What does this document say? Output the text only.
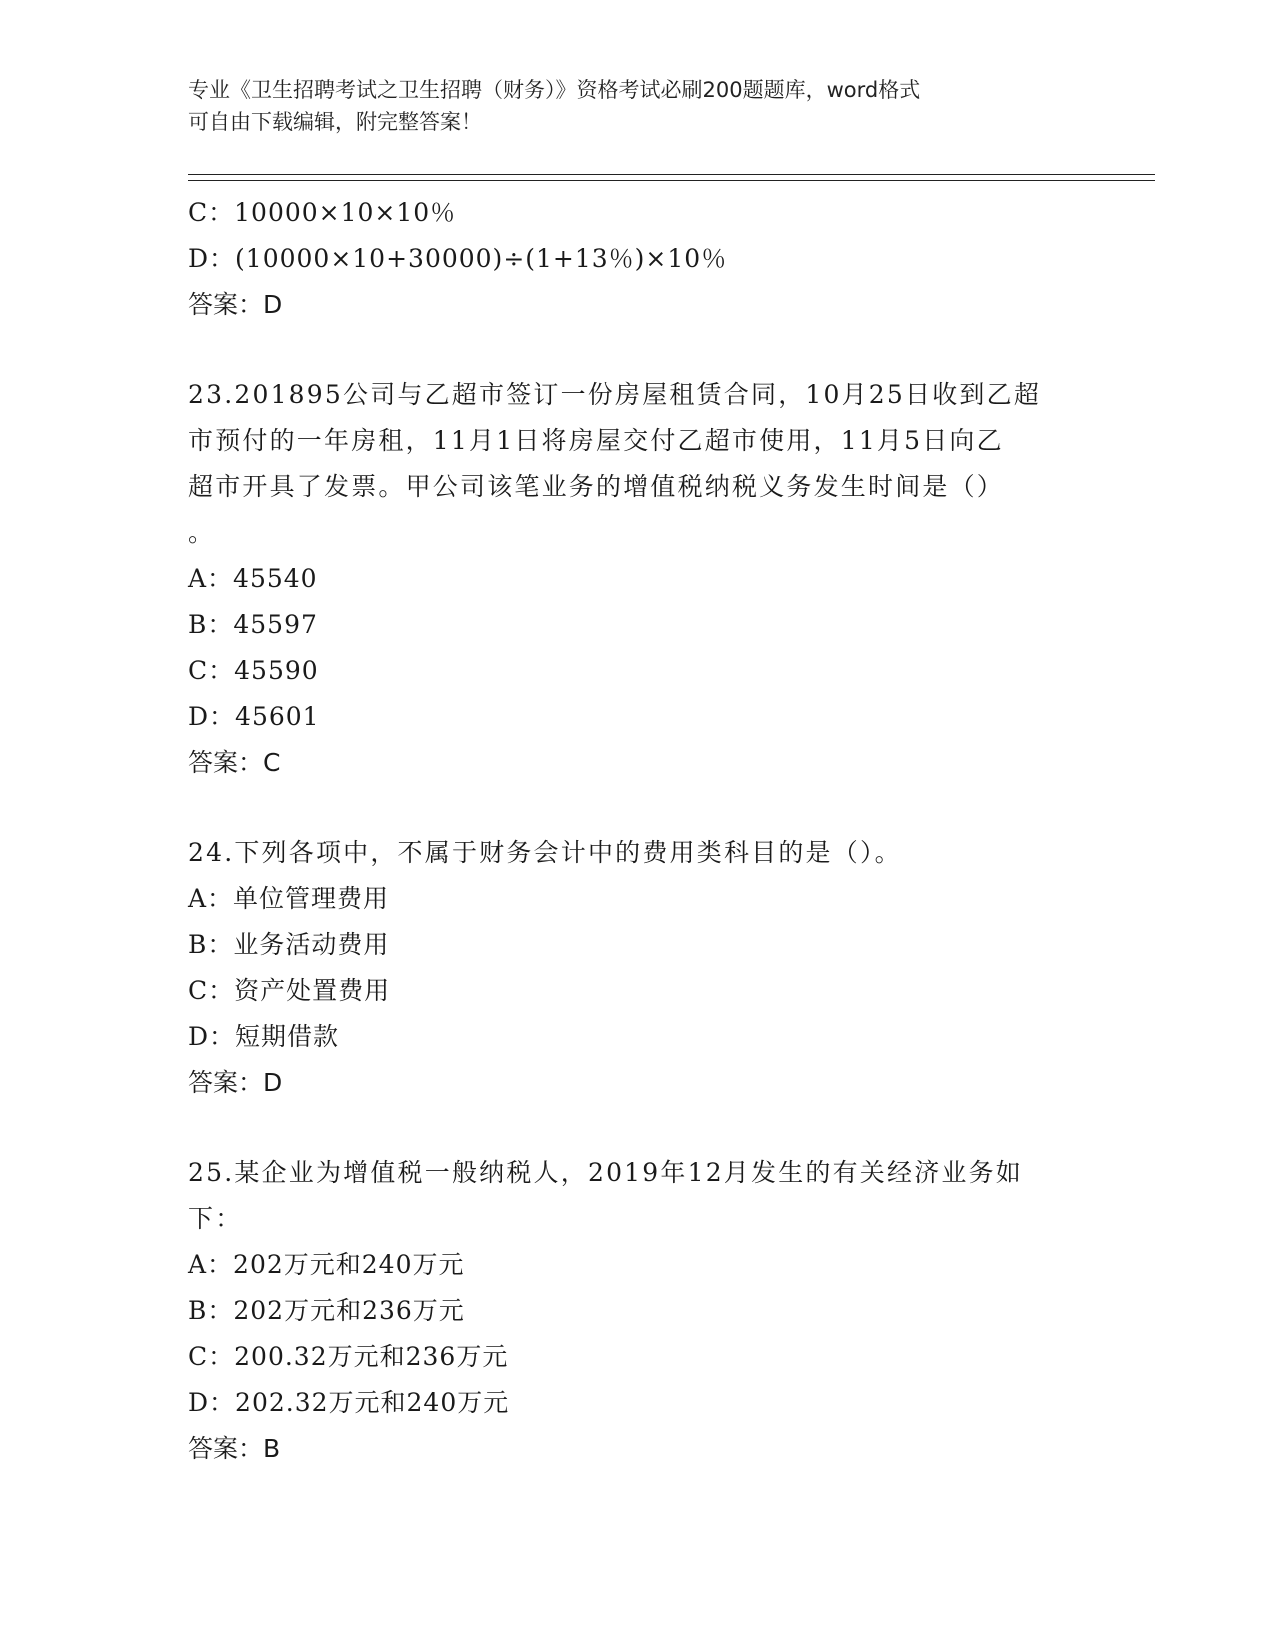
专业《卫生招聘考试之卫生招聘（财务）》资格考试必刷200题题库，word格式
可自由下载编辑，附完整答案！
C：10000×10×10％
D：(10000×10+30000)÷(1+13％)×10％
答案：D
23.201895公司与乙超市签订一份房屋租赁合同，10月25日收到乙超
市预付的一年房租，11月1日将房屋交付乙超市使用，11月5日向乙
超市开具了发票。甲公司该笔业务的增值税纳税义务发生时间是（）
。
A：45540
B：45597
C：45590
D：45601
答案：C
24.下列各项中，不属于财务会计中的费用类科目的是（）。
A：单位管理费用
B：业务活动费用
C：资产处置费用
D：短期借款
答案：D
25.某企业为增值税一般纳税人，2019年12月发生的有关经济业务如
下：
A：202万元和240万元
B：202万元和236万元
C：200.32万元和236万元
D：202.32万元和240万元
答案：B
